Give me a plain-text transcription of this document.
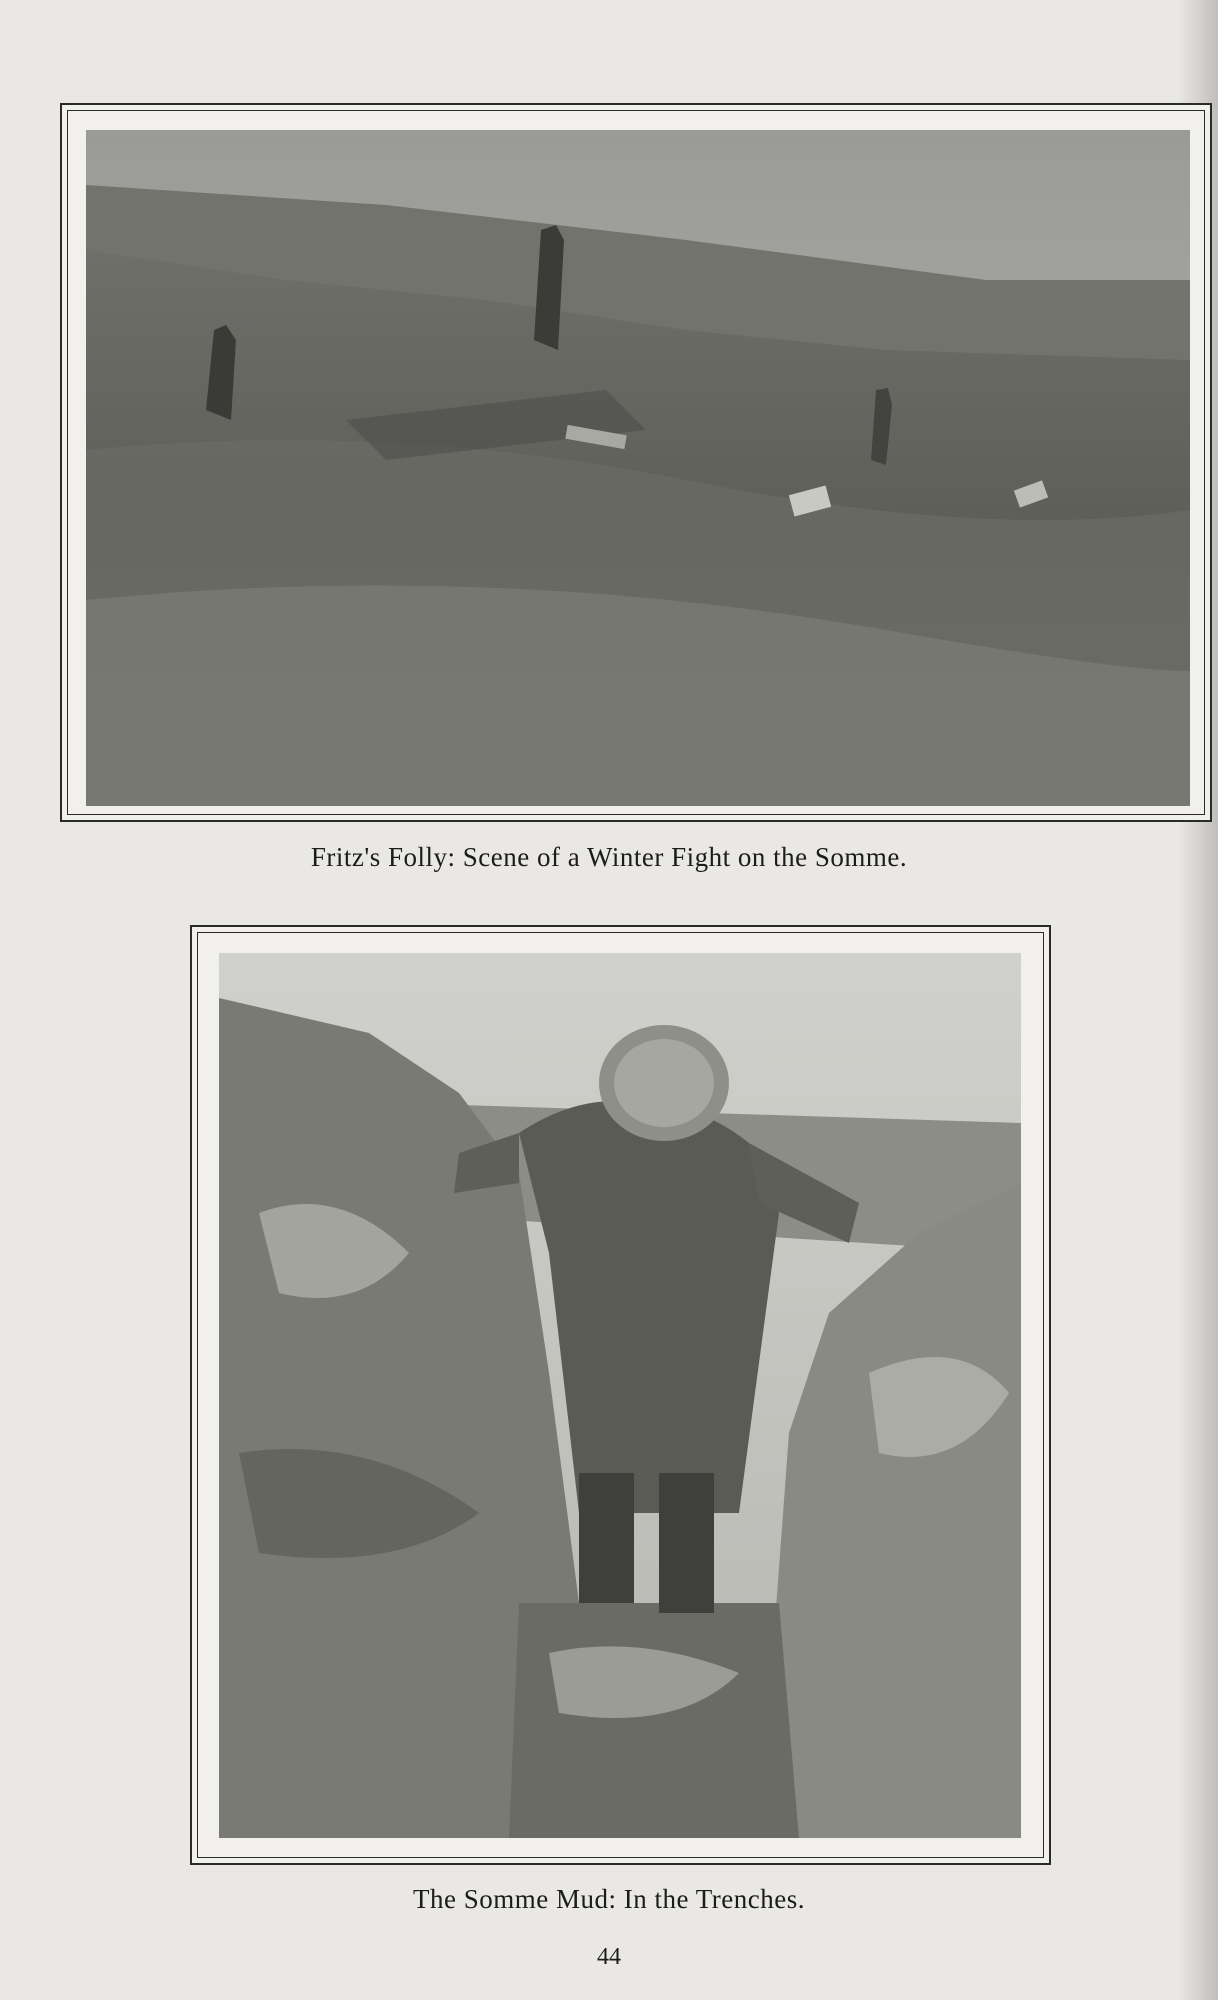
Fritz's Folly: Scene of a Winter Fight on the Somme.
The Somme Mud: In the Trenches.
44
